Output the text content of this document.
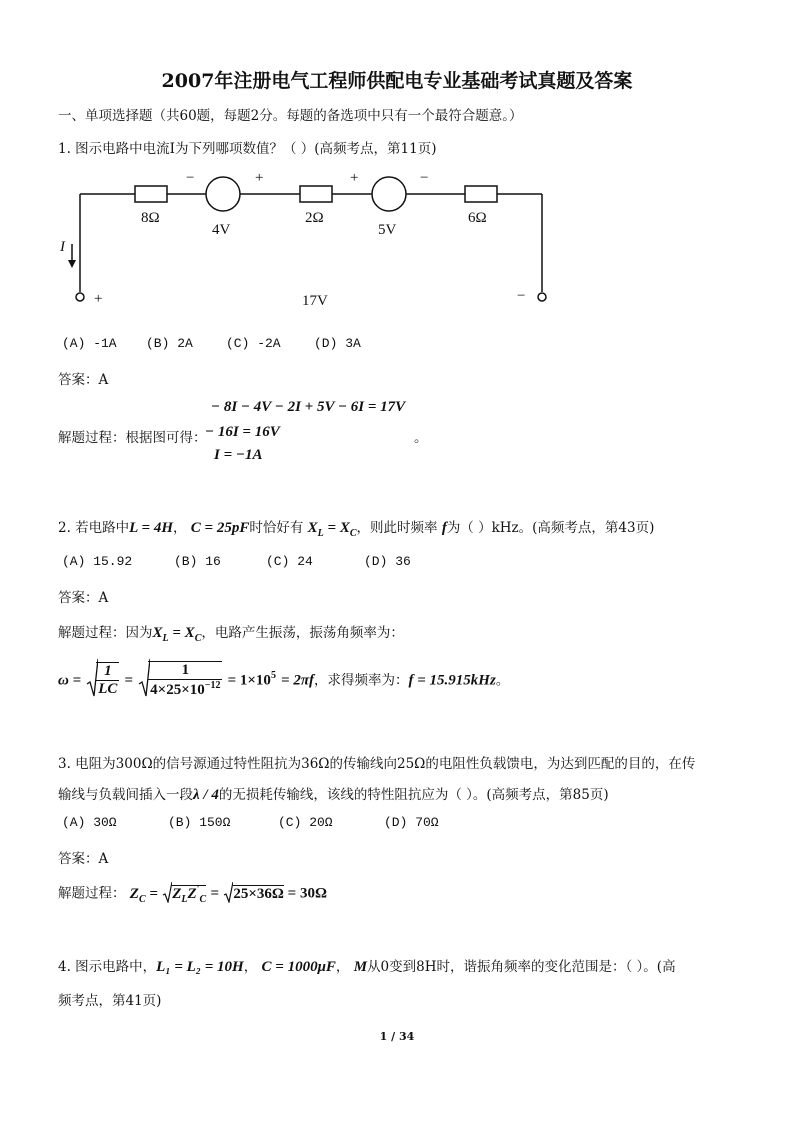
2007年注册电气工程师供配电专业基础考试真题及答案
一、单项选择题（共60题，每题2分。每题的备选项中只有一个最符合题意。）
1. 图示电路中电流I为下列哪项数值？（ ）(高频考点，第11页)
8Ω
4V
2Ω
5V
6Ω
17V
I
−	+	+	−
+	−
(A) -1A (B) 2A	(C) -2A	(D) 3A
答案：A
− 8I − 4V − 2I + 5V − 6I = 17V
解题过程：根据图可得：
− 16I = 16V	。
I = −1A
2. 若电路中L = 4H， C = 25pF时恰好有 $X_L = X_C$，则此时频率 f为（ ）kHz。(高频考点，第43页)
(A) 15.92	(B) 16	(C) 24	(D) 36
答案：A
解题过程：因为$X_L = X_C$，电路产生振荡，振荡角频率为：
$\omega = \frac{1}{LC} = \frac{1}{4\times 25\times 10^{-12}} = 1\times 10^5 = 2\pi f$，求得频率为：f = 15.915kHz。
3. 电阻为300Ω的信号源通过特性阻抗为36Ω的传输线向25Ω的电阻性负载馈电，为达到匹配的目的，在传
输线与负载间插入一段λ / 4的无损耗传输线，该线的特性阻抗应为（ ）。(高频考点，第85页)
(A) 30Ω	(B) 150Ω	(C) 20Ω	(D) 70Ω
答案：A
解题过程： $Z_C = Z_LZ'_C = 25\times 36\Omega = 30\Omega$
4. 图示电路中，L₁ = L₂ = 10H， C = 1000μF， M从0变到8H时，谐振角频率的变化范围是：（ ）。(高
频考点，第41页)
1 / 34
